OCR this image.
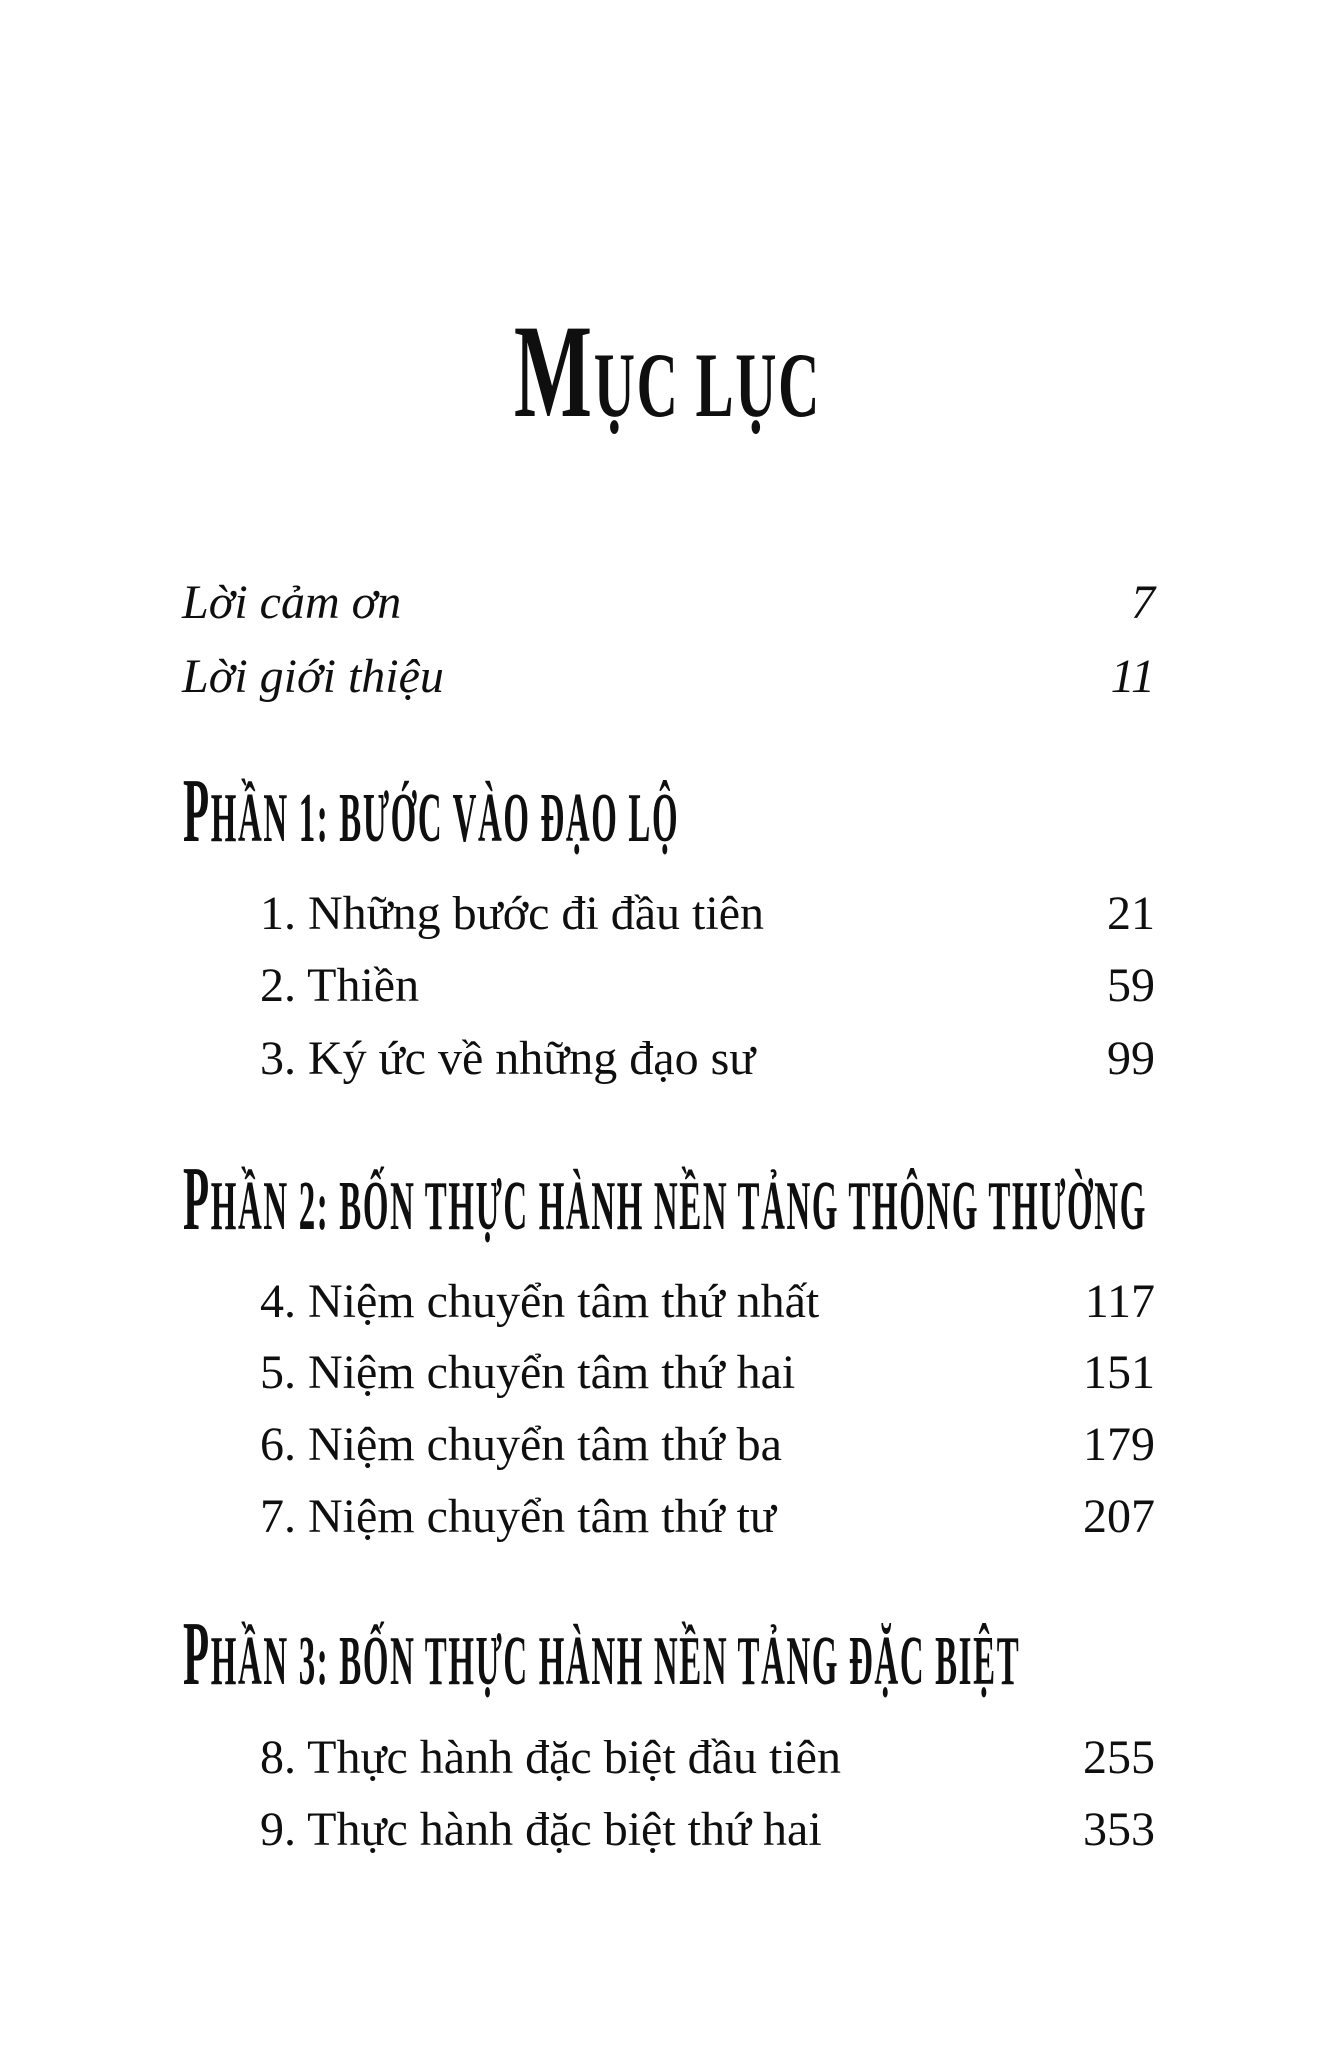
MỤC LỤC
Lời cảm ơn	7
Lời giới thiệu	11
PHẦN 1: BƯỚC VÀO ĐẠO LỘ
1. Những bước đi đầu tiên	21
2. Thiền	59
3. Ký ức về những đạo sư	99
PHẦN 2: BỐN THỰC HÀNH NỀN TẢNG THÔNG THƯỜNG
4. Niệm chuyển tâm thứ nhất	117
5. Niệm chuyển tâm thứ hai	151
6. Niệm chuyển tâm thứ ba	179
7. Niệm chuyển tâm thứ tư	207
PHẦN 3: BỐN THỰC HÀNH NỀN TẢNG ĐẶC BIỆT
8. Thực hành đặc biệt đầu tiên	255
9. Thực hành đặc biệt thứ hai	353
